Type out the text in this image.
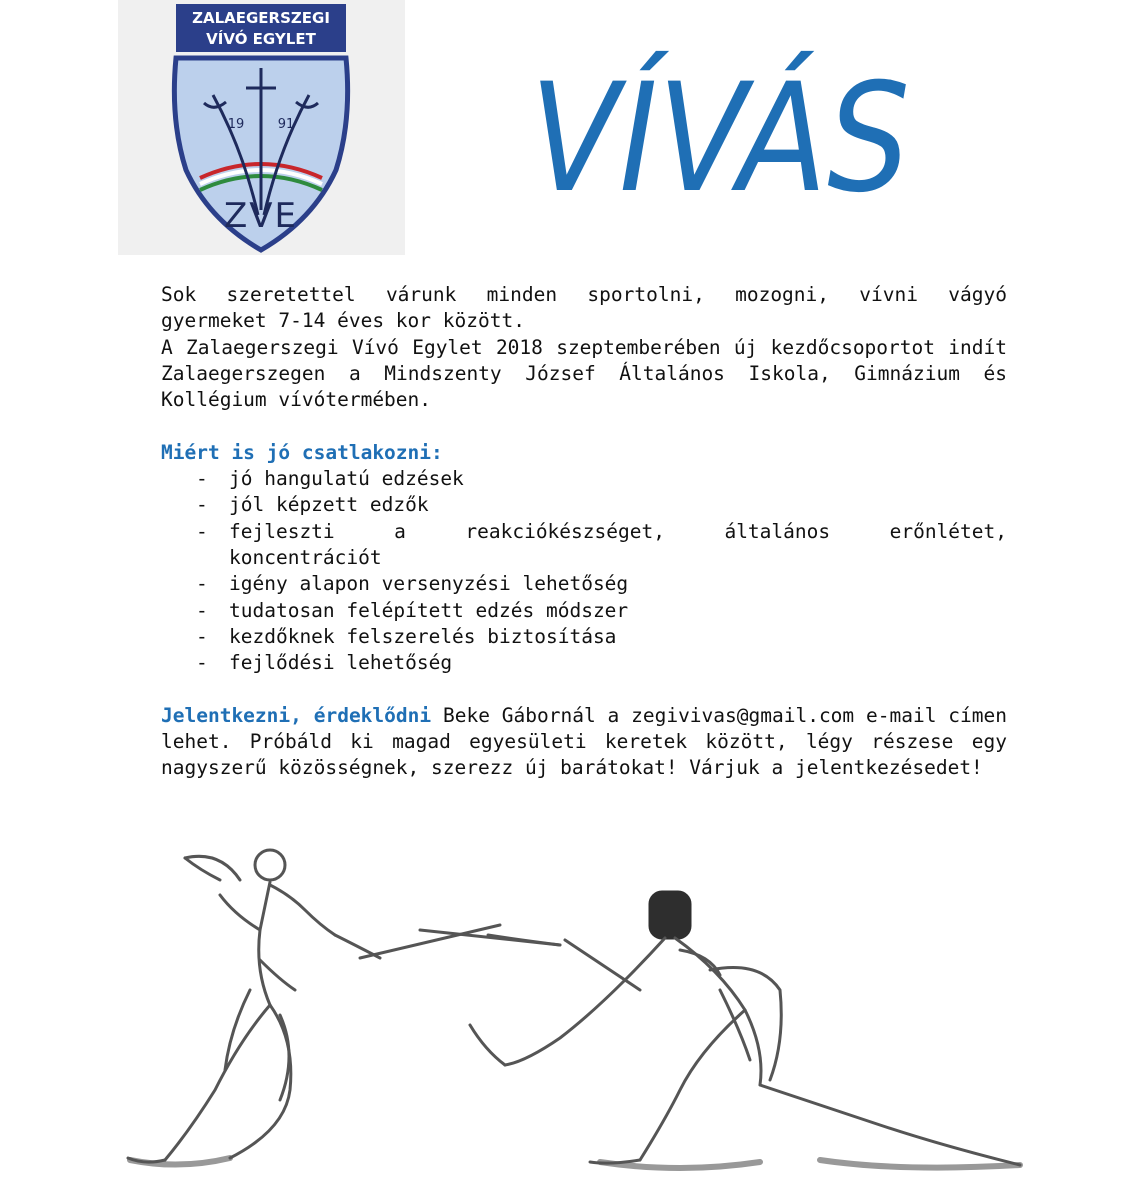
ZALAEGERSZEGI
VÍVÓ EGYLET
19	91
ZVE VÍVÁS

Sok szeretettel várunk minden sportolni, mozogni, vívni vágyó

gyermeket 7-14 éves kor között.

A Zalaegerszegi Vívó Egylet 2018 szeptemberében új kezdőcsoportot indít Zalaegerszegen a Mindszenty József Általános Iskola, Gimnázium és Kollégium vívótermében.

Miért is jó csatlakozni:

- jó hangulatú edzések
- jól képzett edzők
- fejleszti a reakciókészséget, általános erőnlétet,
koncentrációt
- igény alapon versenyzési lehetőség
- tudatosan felépített edzés módszer
- kezdőknek felszerelés biztosítása
- fejlődési lehetőség

Jelentkezni, érdeklődni Beke Gábornál a zegivivas@gmail.com e-mail címen lehet. Próbáld ki magad egyesületi keretek között, légy részese egy nagyszerű közösségnek, szerezz új barátokat! Várjuk a jelentkezésedet!
